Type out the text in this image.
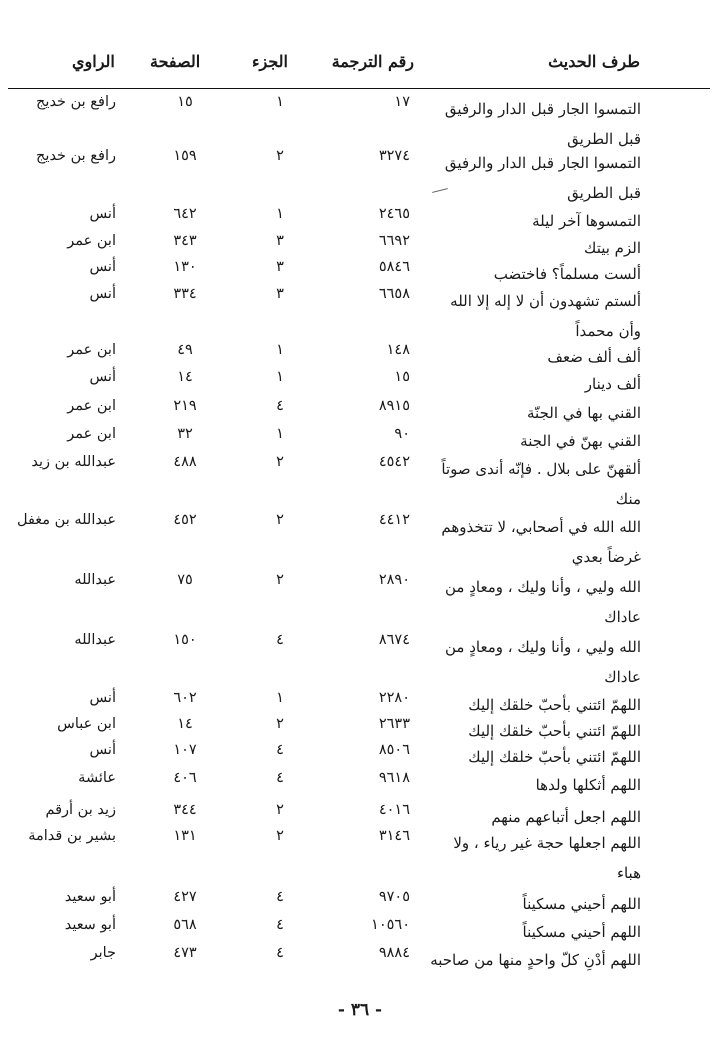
طرف الحديث
رقم الترجمة
الجزء
الصفحة
الراوي
التمسوا الجار قبل الدار والرفيق قبل الطريق
١٧
١
١٥
رافع بن خديج
التمسوا الجار قبل الدار والرفيق قبل الطريق
٣٢٧٤
٢
١٥٩
رافع بن خديج
التمسوها آخر ليلة
٢٤٦٥
١
٦٤٢
أنس
الزم بيتك
٦٦٩٢
٣
٣٤٣
ابن عمر
ألست مسلماً؟ فاختضب
٥٨٤٦
٣
١٣٠
أنس
ألستم تشهدون أن لا إله إلا الله وأن محمداً
٦٦٥٨
٣
٣٣٤
أنس
ألف ألف ضعف
١٤٨
١
٤٩
ابن عمر
ألف دينار
١٥
١
١٤
أنس
القني بها في الجنّة
٨٩١٥
٤
٢١٩
ابن عمر
القني بهنّ في الجنة
٩٠
١
٣٢
ابن عمر
ألقهنّ على بلال . فإنّه أندى صوتاً منك
٤٥٤٢
٢
٤٨٨
عبدالله بن زيد
الله الله في أصحابي، لا تتخذوهم غرضاً بعدي
٤٤١٢
٢
٤٥٢
عبدالله بن مغفل
الله وليي ، وأنا وليك ، ومعادٍ من عاداك
٢٨٩٠
٢
٧٥
عبدالله
الله وليي ، وأنا وليك ، ومعادٍ من عاداك
٨٦٧٤
٤
١٥٠
عبدالله
اللهمّ ائتني بأحبّ خلقك إليك
٢٢٨٠
١
٦٠٢
أنس
اللهمّ ائتني بأحبّ خلقك إليك
٢٦٣٣
٢
١٤
ابن عباس
اللهمّ ائتني بأحبّ خلقك إليك
٨٥٠٦
٤
١٠٧
أنس
اللهم أثكلها ولدها
٩٦١٨
٤
٤٠٦
عائشة
اللهم اجعل أتباعهم منهم
٤٠١٦
٢
٣٤٤
زيد بن أرقم
اللهم اجعلها حجة غير رياء ، ولا هباء
٣١٤٦
٢
١٣١
بشير بن قدامة
اللهم أحيني مسكيناً
٩٧٠٥
٤
٤٢٧
أبو سعيد
اللهم أحيني مسكيناً
١٠٥٦٠
٤
٥٦٨
أبو سعيد
اللهم أدْنِ كلّ واحدٍ منها من صاحبه
٩٨٨٤
٤
٤٧٣
جابر
- ٣٦ -
